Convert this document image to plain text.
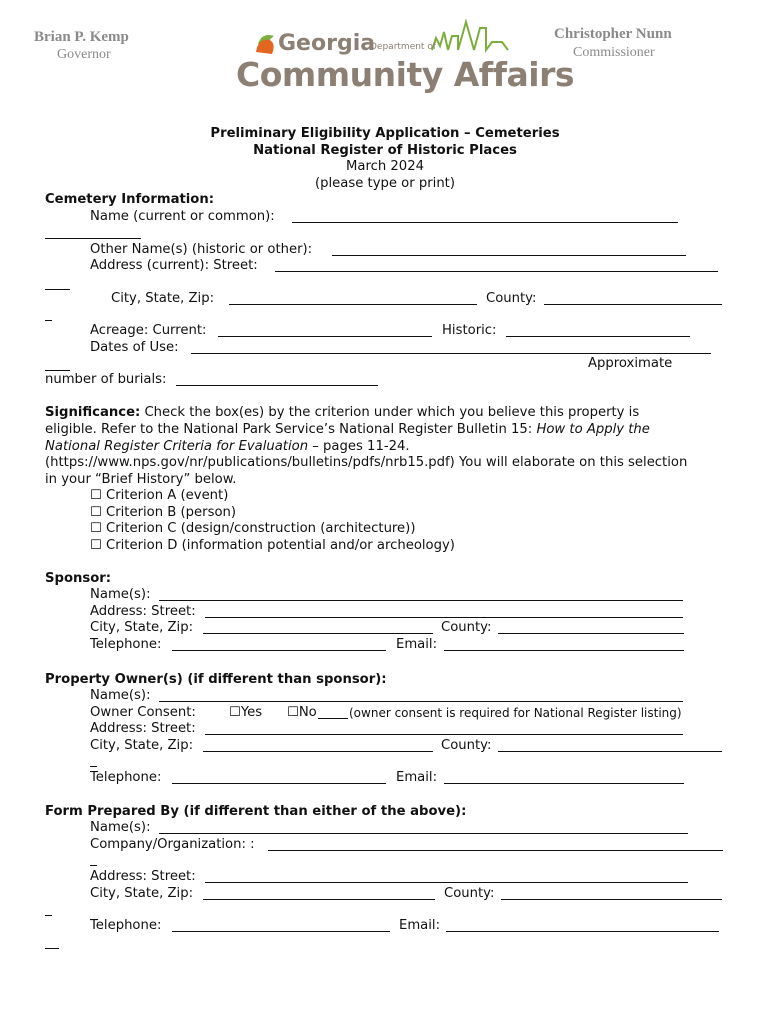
Brian P. Kemp
Governor
Christopher Nunn
Commissioner
Georgia
Department of
Community Affairs
Preliminary Eligibility Application – Cemeteries
National Register of Historic Places
March 2024
(please type or print)
Cemetery Information:
Name (current or common):
Other Name(s) (historic or other):
Address (current): Street:
City, State, Zip:	County:
Acreage: Current:	Historic:
Dates of Use:
Approximate
number of burials:
Significance: Check the box(es) by the criterion under which you believe this property is
eligible. Refer to the National Park Service’s National Register Bulletin 15: How to Apply the
National Register Criteria for Evaluation – pages 11-24.
(https://www.nps.gov/nr/publications/bulletins/pdfs/nrb15.pdf) You will elaborate on this selection
in your “Brief History” below.
☐ Criterion A (event)
☐ Criterion B (person)
☐ Criterion C (design/construction (architecture))
☐ Criterion D (information potential and/or archeology)
Sponsor:
Name(s):
Address: Street:
City, State, Zip:	County:
Telephone:	Email:
Property Owner(s) (if different than sponsor):
Name(s):
Owner Consent:	☐Yes ☐No	(owner consent is required for National Register listing)
Address: Street:
City, State, Zip:	County:
Telephone:	Email:
Form Prepared By (if different than either of the above):
Name(s):
Company/Organization: :
Address: Street:
City, State, Zip:	County:
Telephone:	Email:
